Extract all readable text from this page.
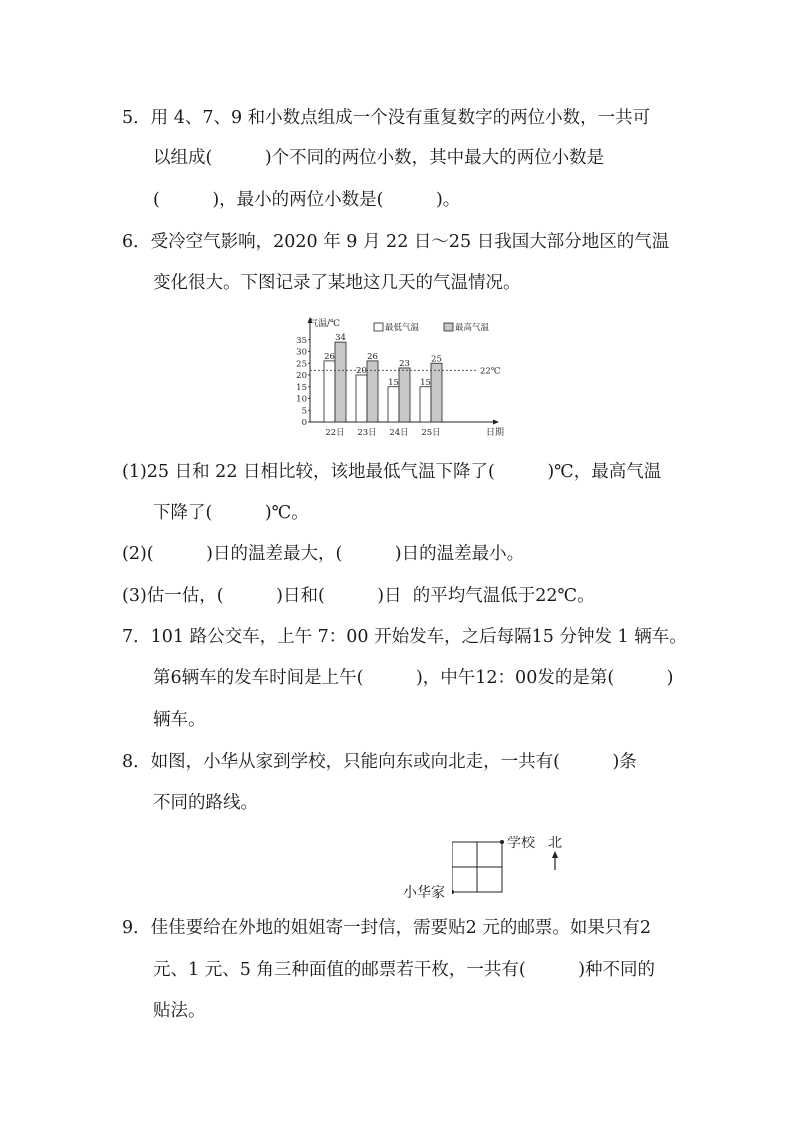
5．用 4、7、9 和小数点组成一个没有重复数字的两位小数，一共可
以组成(　　　)个不同的两位小数，其中最大的两位小数是
(　　　)，最小的两位小数是(　　　)。
6．受冷空气影响，2020 年 9 月 22 日～25 日我国大部分地区的气温
变化很大。下图记录了某地这几天的气温情况。
0
5
10
15
20
25
30
35
气温/℃
日期
最低气温	最高气温
26
34
22日
20
26
23日
15
23
24日
15
25
25日
22℃
(1)25 日和 22 日相比较，该地最低气温下降了(　　　)℃，最高气温
下降了(　　　)℃。
(2)(　　　)日的温差最大，(　　　)日的温差最小。
(3)估一估，(　　　)日和(　　　)日  的平均气温低于22℃。
7．101 路公交车，上午 7：00 开始发车，之后每隔15 分钟发 1 辆车。
第6辆车的发车时间是上午(　　　)，中午12：00发的是第(　　　)
辆车。
8．如图，小华从家到学校，只能向东或向北走，一共有(　　　)条
不同的路线。
学校 北
小华家
9．佳佳要给在外地的姐姐寄一封信，需要贴2 元的邮票。如果只有2
元、1 元、5 角三种面值的邮票若干枚，一共有(　　　)种不同的
贴法。
